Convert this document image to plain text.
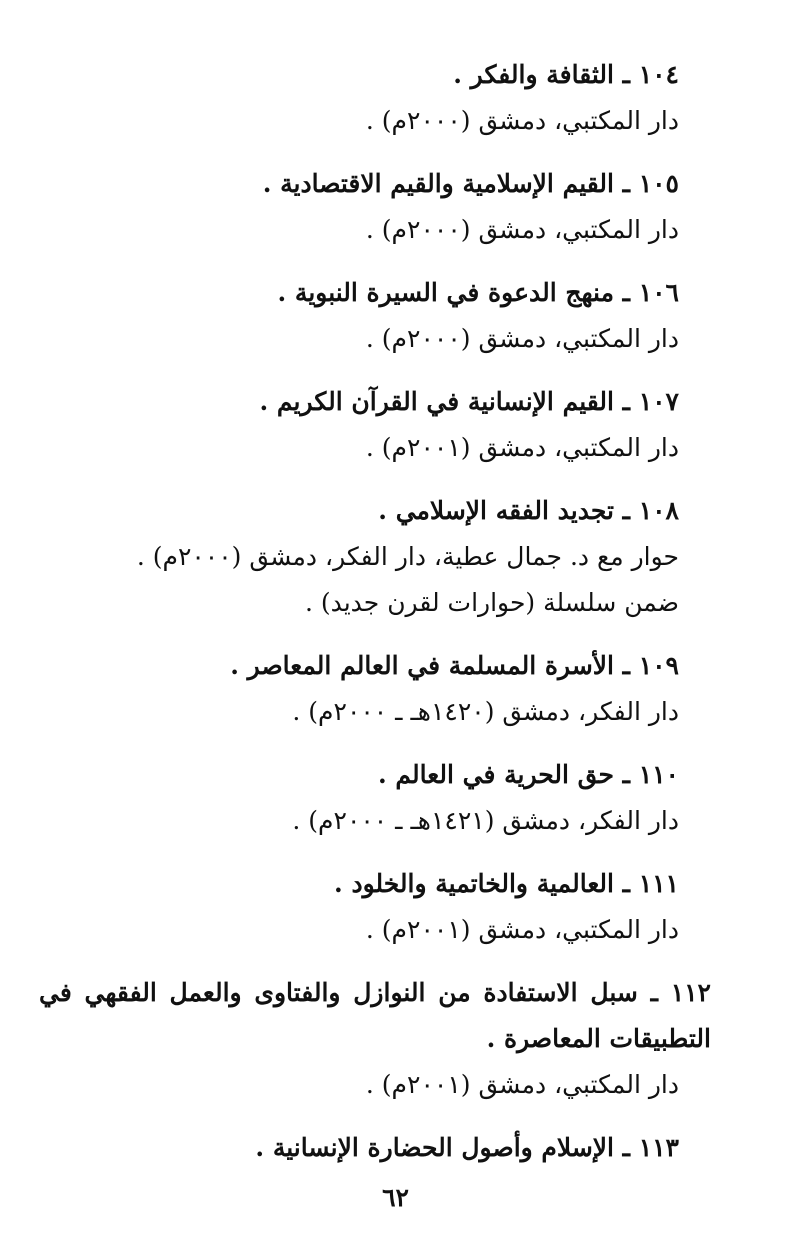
١٠٤ ـ الثقافة والفكر .
دار المكتبي، دمشق (٢٠٠٠م) .
١٠٥ ـ القيم الإسلامية والقيم الاقتصادية .
دار المكتبي، دمشق (٢٠٠٠م) .
١٠٦ ـ منهج الدعوة في السيرة النبوية .
دار المكتبي، دمشق (٢٠٠٠م) .
١٠٧ ـ القيم الإنسانية في القرآن الكريم .
دار المكتبي، دمشق (٢٠٠١م) .
١٠٨ ـ تجديد الفقه الإسلامي .
حوار مع د. جمال عطية، دار الفكر، دمشق (٢٠٠٠م) .
ضمن سلسلة (حوارات لقرن جديد) .
١٠٩ ـ الأسرة المسلمة في العالم المعاصر .
دار الفكر، دمشق (١٤٢٠هـ ـ ٢٠٠٠م) .
١١٠ ـ حق الحرية في العالم .
دار الفكر، دمشق (١٤٢١هـ ـ ٢٠٠٠م) .
١١١ ـ العالمية والخاتمية والخلود .
دار المكتبي، دمشق (٢٠٠١م) .
١١٢ ـ سبل الاستفادة من النوازل والفتاوى والعمل الفقهي في التطبيقات المعاصرة .
دار المكتبي، دمشق (٢٠٠١م) .
١١٣ ـ الإسلام وأصول الحضارة الإنسانية .
٦٢
